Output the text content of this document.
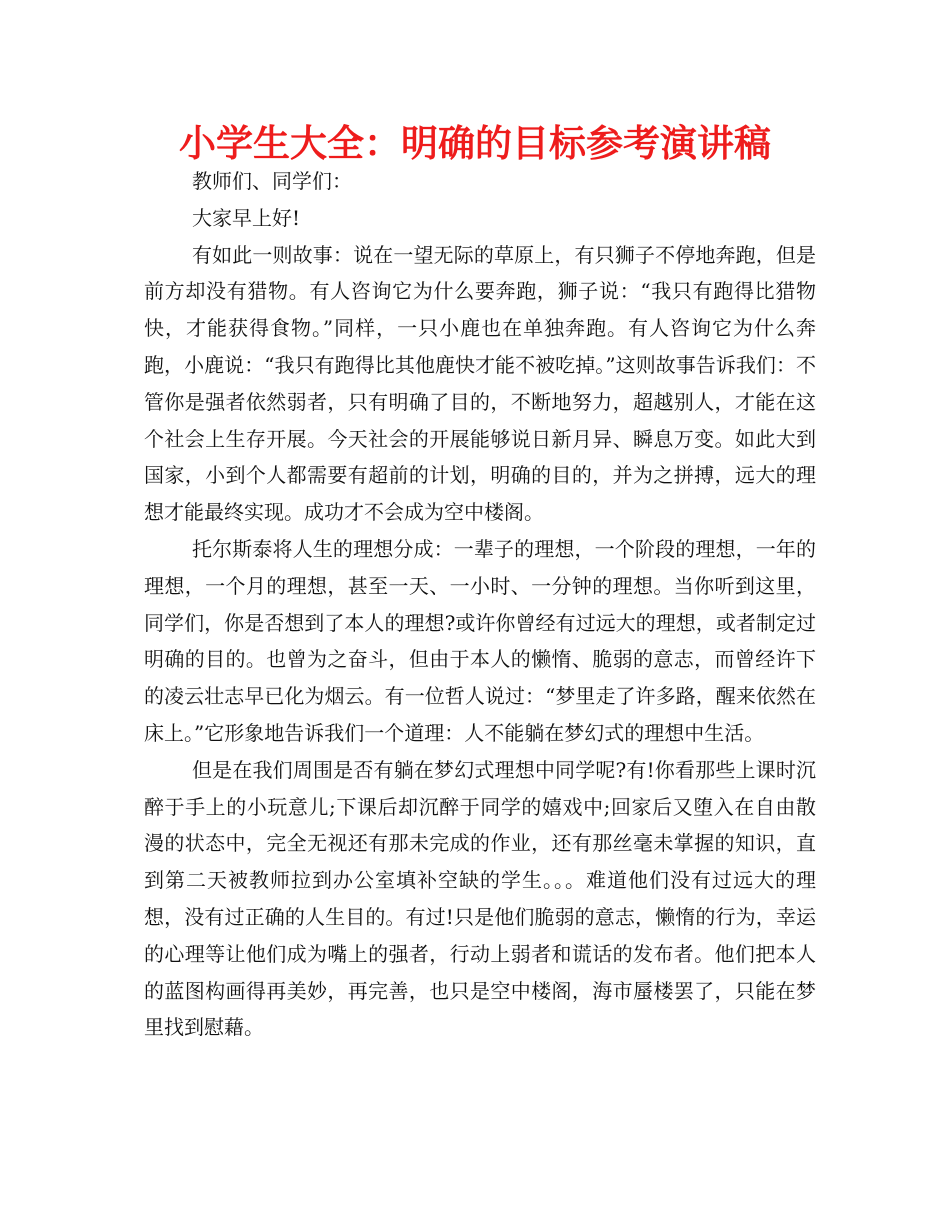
小学生大全：明确的目标参考演讲稿

教师们、同学们：

大家早上好!

有如此一则故事：说在一望无际的草原上，有只狮子不停地奔跑，但是前方却没有猎物。有人咨询它为什么要奔跑，狮子说：“我只有跑得比猎物快，才能获得食物。”同样，一只小鹿也在单独奔跑。有人咨询它为什么奔跑，小鹿说：“我只有跑得比其他鹿快才能不被吃掉。”这则故事告诉我们：不管你是强者依然弱者，只有明确了目的，不断地努力，超越别人，才能在这个社会上生存开展。今天社会的开展能够说日新月异、瞬息万变。如此大到国家，小到个人都需要有超前的计划，明确的目的，并为之拼搏，远大的理想才能最终实现。成功才不会成为空中楼阁。

托尔斯泰将人生的理想分成：一辈子的理想，一个阶段的理想，一年的理想，一个月的理想，甚至一天、一小时、一分钟的理想。当你听到这里，同学们，你是否想到了本人的理想?或许你曾经有过远大的理想，或者制定过明确的目的。也曾为之奋斗，但由于本人的懒惰、脆弱的意志，而曾经许下的凌云壮志早已化为烟云。有一位哲人说过：“梦里走了许多路，醒来依然在床上。”它形象地告诉我们一个道理：人不能躺在梦幻式的理想中生活。

但是在我们周围是否有躺在梦幻式理想中同学呢?有!你看那些上课时沉醉于手上的小玩意儿;下课后却沉醉于同学的嬉戏中;回家后又堕入在自由散漫的状态中，完全无视还有那未完成的作业，还有那丝毫未掌握的知识，直到第二天被教师拉到办公室填补空缺的学生。。。难道他们没有过远大的理想，没有过正确的人生目的。有过!只是他们脆弱的意志，懒惰的行为，幸运的心理等让他们成为嘴上的强者，行动上弱者和谎话的发布者。他们把本人的蓝图构画得再美妙，再完善，也只是空中楼阁，海市蜃楼罢了，只能在梦里找到慰藉。
